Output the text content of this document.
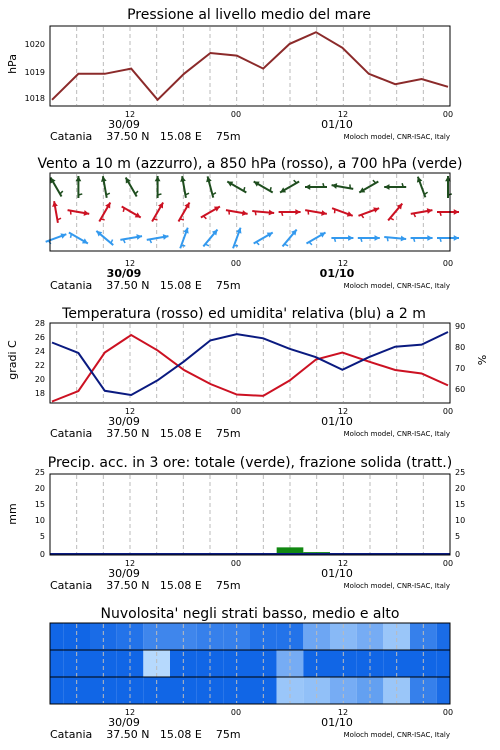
Pressione al livello medio del mare
hPa
1020
1019
1018
12	00	12	00
30/09	01/10
Catania    37.50 N   15.08 E    75m	Moloch model, CNR-ISAC, Italy
Vento a 10 m (azzurro), a 850 hPa (rosso), a 700 hPa (verde)
12	00	12	00
30/09	01/10
Catania    37.50 N   15.08 E    75m	Moloch model, CNR-ISAC, Italy
Temperatura (rosso) ed umidita' relativa (blu) a 2 m
gradi C	%
28
26
24
22
20
18
90
80
70
60
12	00	12	00
30/09	01/10
Catania    37.50 N   15.08 E    75m	Moloch model, CNR-ISAC, Italy
Precip. acc. in 3 ore: totale (verde), frazione solida (tratt.)
mm
25
20
15
10
5
0
25
20
15
10
5
0
12	00	12	00
30/09	01/10
Catania    37.50 N   15.08 E    75m	Moloch model, CNR-ISAC, Italy
Nuvolosita' negli strati basso, medio e alto
12	00	12	00
30/09	01/10
Catania    37.50 N   15.08 E    75m	Moloch model, CNR-ISAC, Italy
